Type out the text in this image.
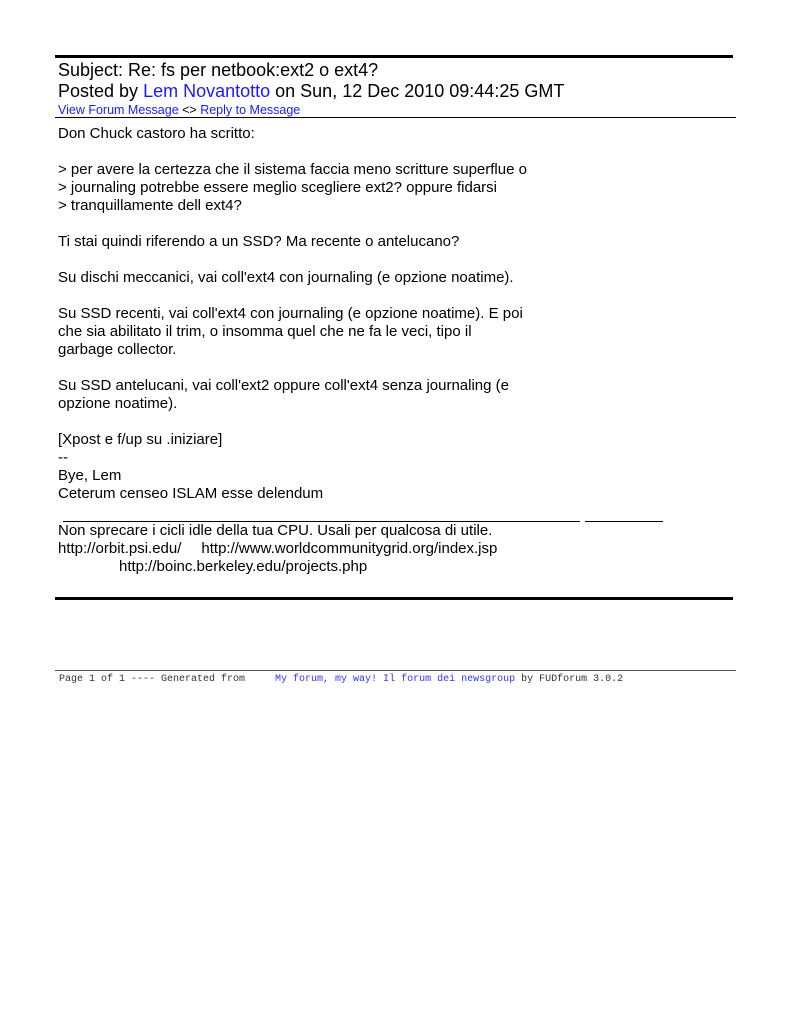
Subject: Re: fs per netbook:ext2 o ext4?
Posted by Lem Novantotto on Sun, 12 Dec 2010 09:44:25 GMT
View Forum Message <> Reply to Message
Don Chuck castoro ha scritto:
> per avere la certezza che il sistema faccia meno scritture superflue o
> journaling potrebbe essere meglio scegliere ext2? oppure fidarsi
> tranquillamente dell ext4?
Ti stai quindi riferendo a un SSD? Ma recente o antelucano?
Su dischi meccanici, vai coll'ext4 con journaling (e opzione noatime).
Su SSD recenti, vai coll'ext4 con journaling (e opzione noatime). E poi
che sia abilitato il trim, o insomma quel che ne fa le veci, tipo il
garbage collector.
Su SSD antelucani, vai coll'ext2 oppure coll'ext4 senza journaling (e
opzione noatime).
[Xpost e f/up su .iniziare]
--
Bye, Lem
Ceterum censeo ISLAM esse delendum
Non sprecare i cicli idle della tua CPU. Usali per qualcosa di utile.
http://orbit.psi.edu/ http://www.worldcommunitygrid.org/index.jsp
http://boinc.berkeley.edu/projects.php
Page 1 of 1 ---- Generated from     My forum, my way! Il forum dei newsgroup by FUDforum 3.0.2
